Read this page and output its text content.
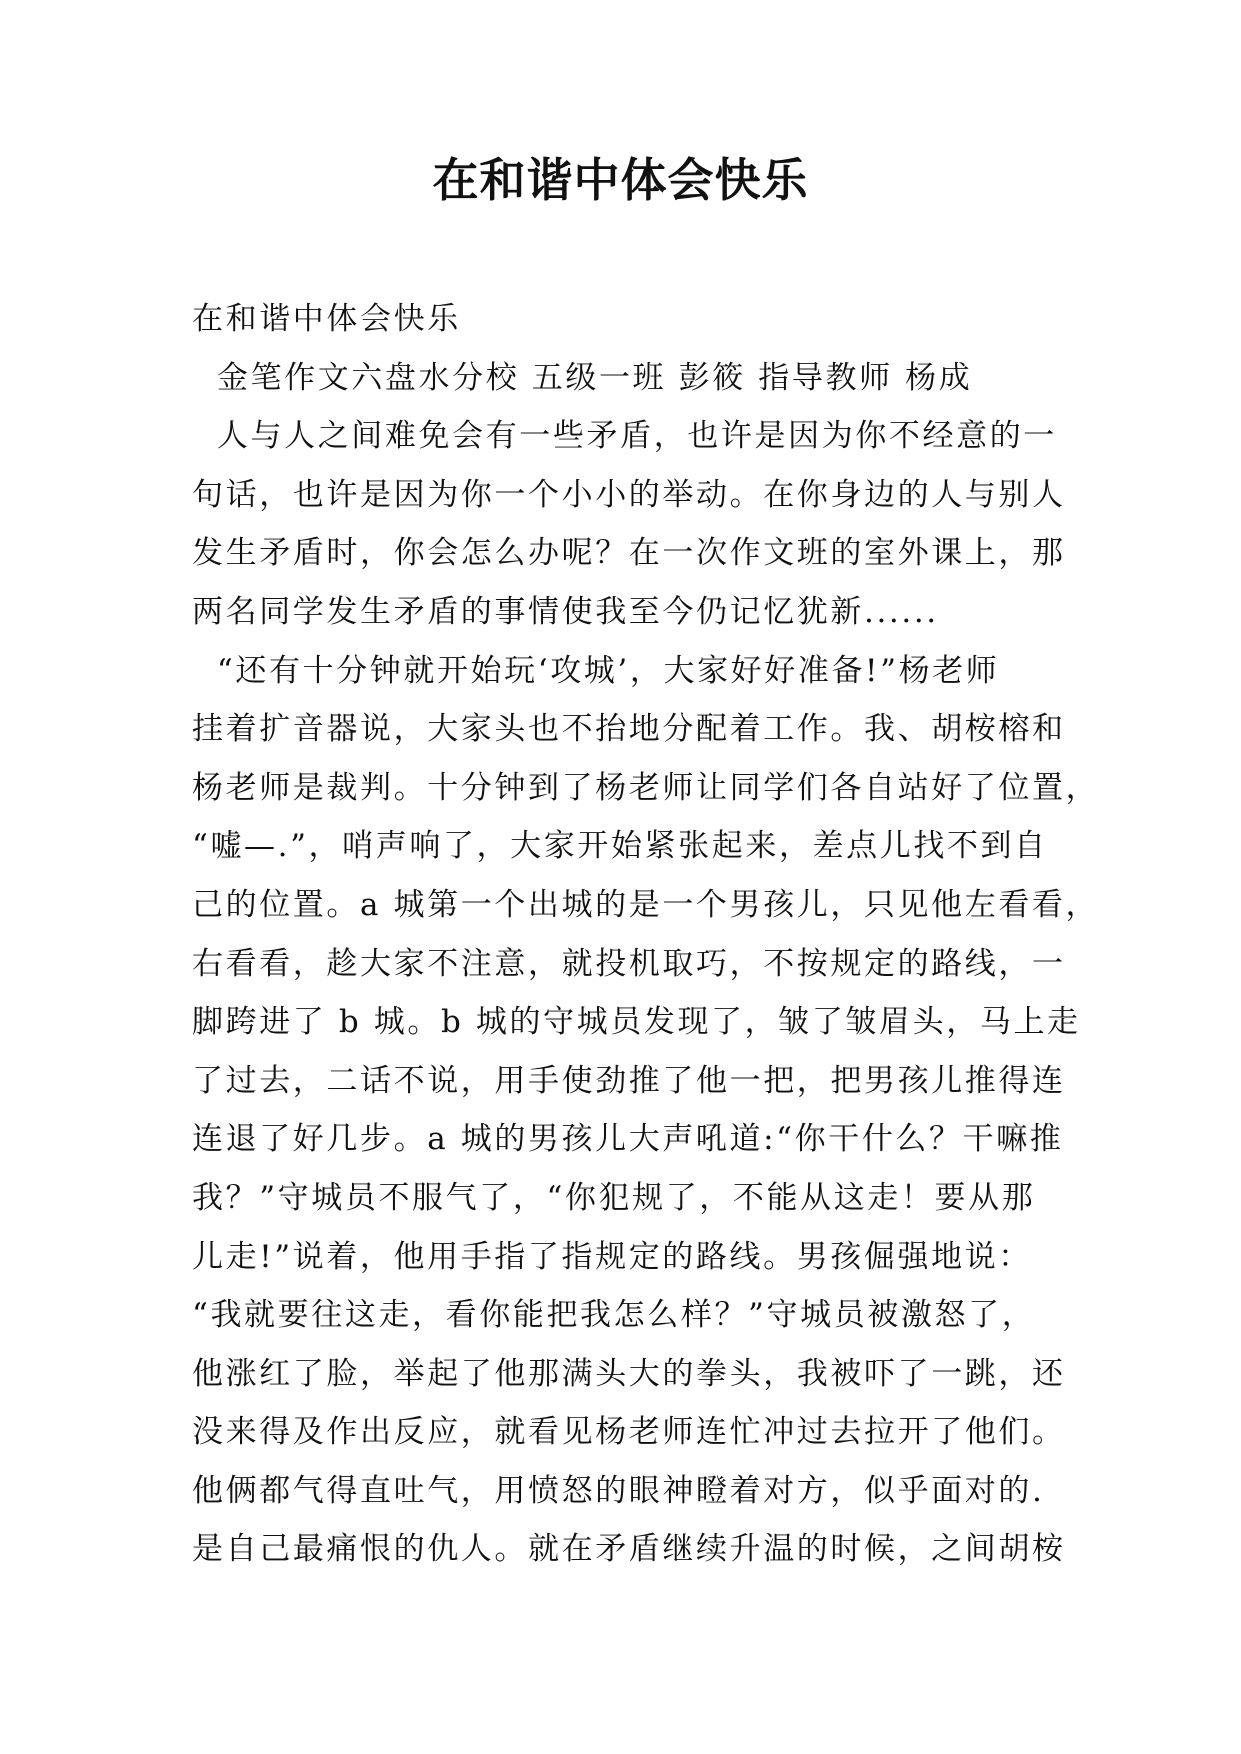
在和谐中体会快乐
在和谐中体会快乐
金笔作文六盘水分校 五级一班 彭筱 指导教师 杨成
人与人之间难免会有一些矛盾，也许是因为你不经意的一
句话，也许是因为你一个小小的举动。在你身边的人与别人
发生矛盾时，你会怎么办呢？在一次作文班的室外课上，那
两名同学发生矛盾的事情使我至今仍记忆犹新......
“还有十分钟就开始玩‘攻城’，大家好好准备!”杨老师
挂着扩音器说，大家头也不抬地分配着工作。我、胡桉榕和
杨老师是裁判。十分钟到了杨老师让同学们各自站好了位置，
“嘘—.”，哨声响了，大家开始紧张起来，差点儿找不到自
己的位置。a 城第一个出城的是一个男孩儿，只见他左看看，
右看看，趁大家不注意，就投机取巧，不按规定的路线，一
脚跨进了 b 城。b 城的守城员发现了，皱了皱眉头，马上走
了过去，二话不说，用手使劲推了他一把，把男孩儿推得连
连退了好几步。a 城的男孩儿大声吼道:“你干什么？干嘛推
我？”守城员不服气了，“你犯规了，不能从这走！要从那
儿走!”说着，他用手指了指规定的路线。男孩倔强地说：
“我就要往这走，看你能把我怎么样？”守城员被激怒了，
他涨红了脸，举起了他那满头大的拳头，我被吓了一跳，还
没来得及作出反应，就看见杨老师连忙冲过去拉开了他们。
他俩都气得直吐气，用愤怒的眼神瞪着对方，似乎面对的.
是自己最痛恨的仇人。就在矛盾继续升温的时候，之间胡桉
